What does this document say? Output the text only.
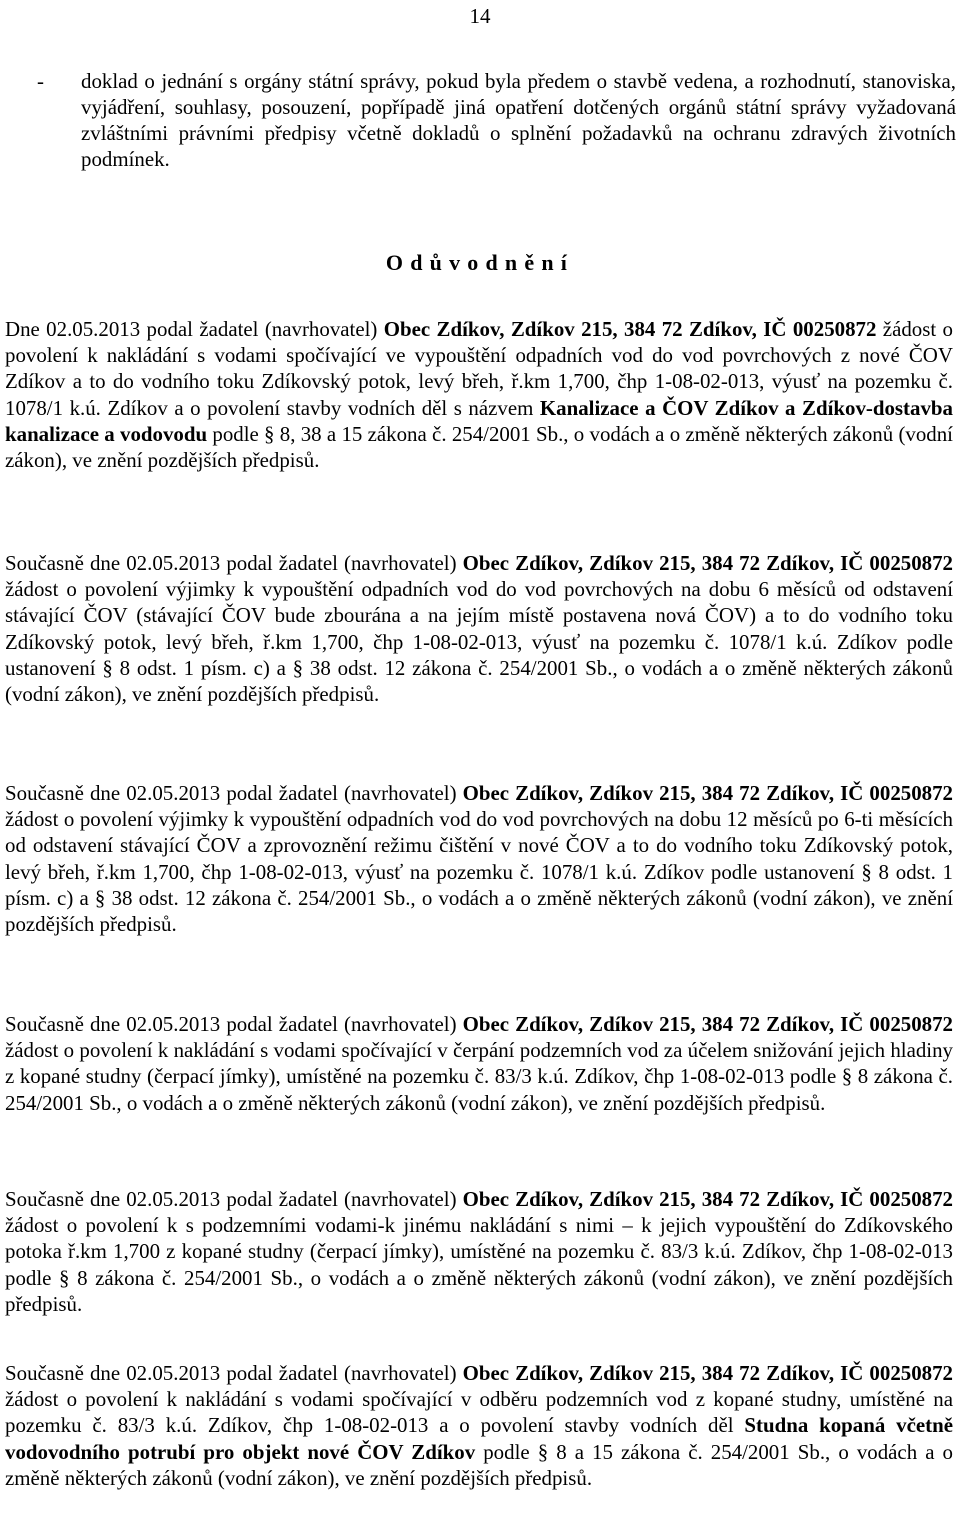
14
- doklad o jednání s orgány státní správy, pokud byla předem o stavbě vedena, a rozhodnutí, stanoviska, vyjádření, souhlasy, posouzení, popřípadě jiná opatření dotčených orgánů státní správy vyžadovaná zvláštními právními předpisy včetně dokladů o splnění požadavků na ochranu zdravých životních podmínek.
Odůvodnění
Dne 02.05.2013 podal žadatel (navrhovatel) Obec Zdíkov, Zdíkov 215, 384 72 Zdíkov, IČ 00250872 žádost o povolení k nakládání s vodami spočívající ve vypouštění odpadních vod do vod povrchových z nové ČOV Zdíkov a to do vodního toku Zdíkovský potok, levý břeh, ř.km 1,700, čhp 1-08-02-013, výusť na pozemku č. 1078/1 k.ú. Zdíkov a o povolení stavby vodních děl s názvem Kanalizace a ČOV Zdíkov a Zdíkov-dostavba kanalizace a vodovodu podle § 8, 38 a 15 zákona č. 254/2001 Sb., o vodách a o změně některých zákonů (vodní zákon), ve znění pozdějších předpisů.
Současně dne 02.05.2013 podal žadatel (navrhovatel) Obec Zdíkov, Zdíkov 215, 384 72 Zdíkov, IČ 00250872 žádost o povolení výjimky k vypouštění odpadních vod do vod povrchových na dobu 6 měsíců od odstavení stávající ČOV (stávající ČOV bude zbourána a na jejím místě postavena nová ČOV) a to do vodního toku Zdíkovský potok, levý břeh, ř.km 1,700, čhp 1-08-02-013, výusť na pozemku č. 1078/1 k.ú. Zdíkov podle ustanovení § 8 odst. 1 písm. c) a § 38 odst. 12 zákona č. 254/2001 Sb., o vodách a o změně některých zákonů (vodní zákon), ve znění pozdějších předpisů.
Současně dne 02.05.2013 podal žadatel (navrhovatel) Obec Zdíkov, Zdíkov 215, 384 72 Zdíkov, IČ 00250872 žádost o povolení výjimky k vypouštění odpadních vod do vod povrchových na dobu 12 měsíců po 6-ti měsících od odstavení stávající ČOV a zprovoznění režimu čištění v nové ČOV a to do vodního toku Zdíkovský potok, levý břeh, ř.km 1,700, čhp 1-08-02-013, výusť na pozemku č. 1078/1 k.ú. Zdíkov podle ustanovení § 8 odst. 1 písm. c) a § 38 odst. 12 zákona č. 254/2001 Sb., o vodách a o změně některých zákonů (vodní zákon), ve znění pozdějších předpisů.
Současně dne 02.05.2013 podal žadatel (navrhovatel) Obec Zdíkov, Zdíkov 215, 384 72 Zdíkov, IČ 00250872 žádost o povolení k nakládání s vodami spočívající v čerpání podzemních vod za účelem snižování jejich hladiny z kopané studny (čerpací jímky), umístěné na pozemku č. 83/3 k.ú. Zdíkov, čhp 1-08-02-013 podle § 8 zákona č. 254/2001 Sb., o vodách a o změně některých zákonů (vodní zákon), ve znění pozdějších předpisů.
Současně dne 02.05.2013 podal žadatel (navrhovatel) Obec Zdíkov, Zdíkov 215, 384 72 Zdíkov, IČ 00250872 žádost o povolení k s podzemními vodami-k jinému nakládání s nimi – k jejich vypouštění do Zdíkovského potoka ř.km 1,700 z kopané studny (čerpací jímky), umístěné na pozemku č. 83/3 k.ú. Zdíkov, čhp 1-08-02-013 podle § 8 zákona č. 254/2001 Sb., o vodách a o změně některých zákonů (vodní zákon), ve znění pozdějších předpisů.
Současně dne 02.05.2013 podal žadatel (navrhovatel) Obec Zdíkov, Zdíkov 215, 384 72 Zdíkov, IČ 00250872 žádost o povolení k nakládání s vodami spočívající v odběru podzemních vod z kopané studny, umístěné na pozemku č. 83/3 k.ú. Zdíkov, čhp 1-08-02-013 a o povolení stavby vodních děl Studna kopaná včetně vodovodního potrubí pro objekt nové ČOV Zdíkov podle § 8 a 15 zákona č. 254/2001 Sb., o vodách a o změně některých zákonů (vodní zákon), ve znění pozdějších předpisů.
